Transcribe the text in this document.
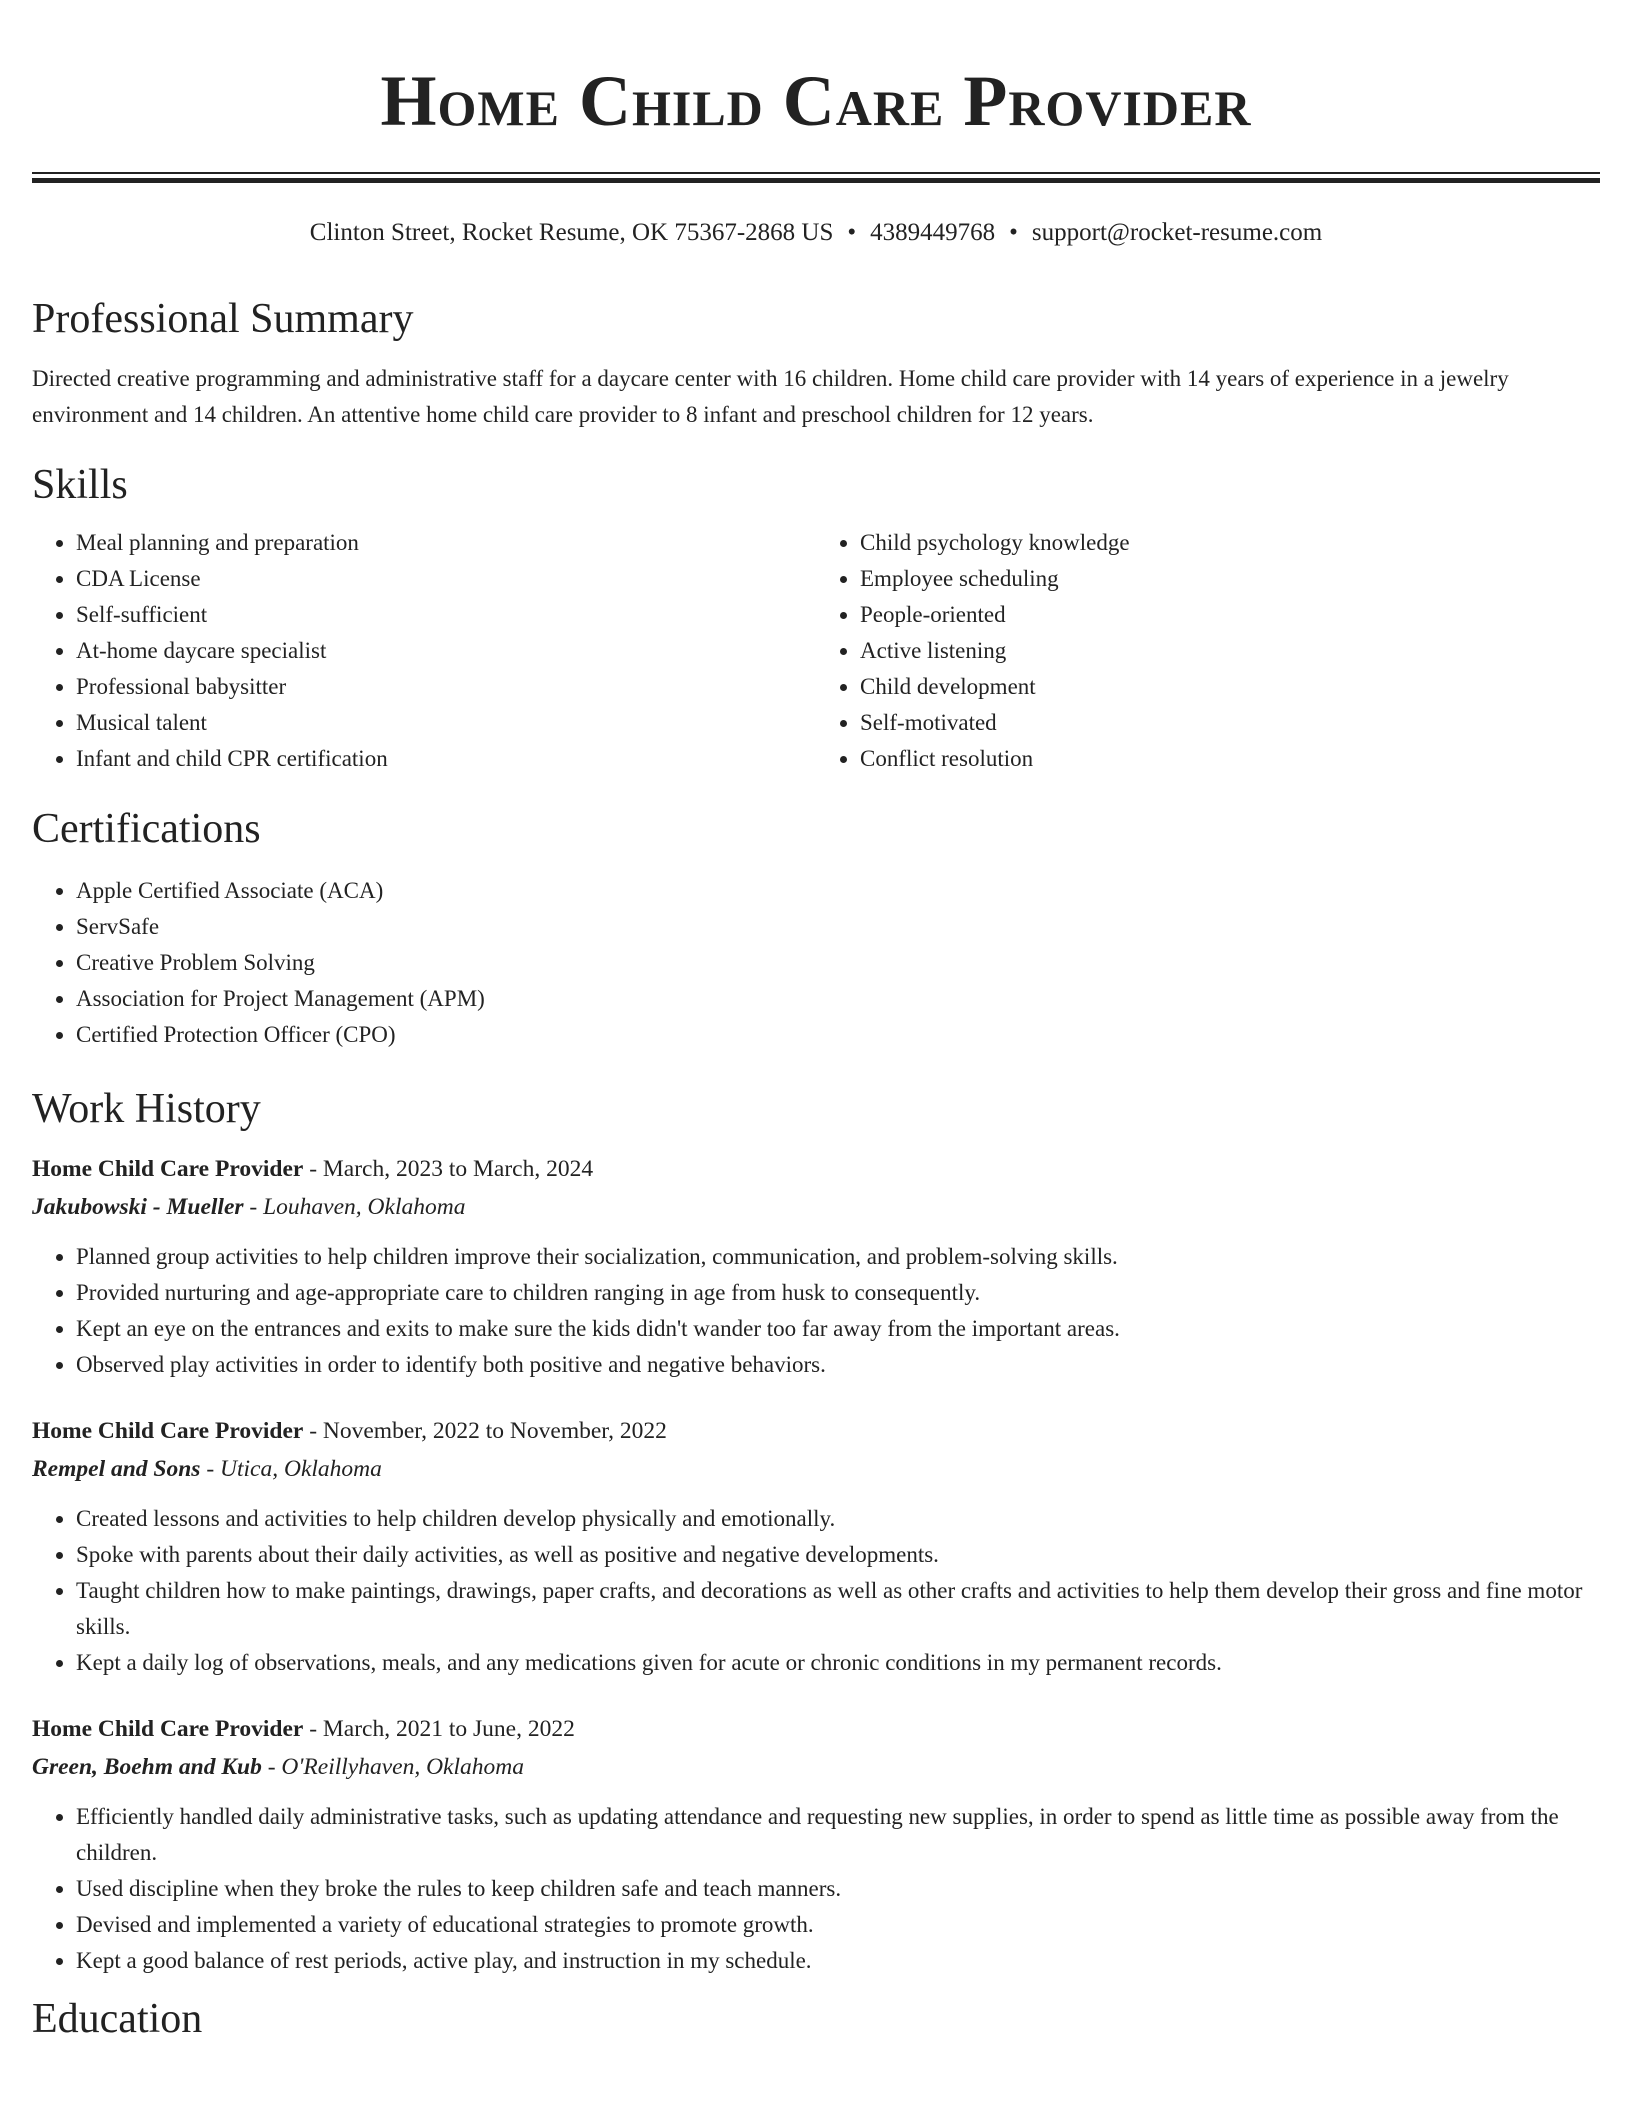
Home Child Care Provider
Clinton Street, Rocket Resume, OK 75367-2868 US • 4389449768 • support@rocket-resume.com
Professional Summary

Directed creative programming and administrative staff for a daycare center with 16 children. Home child care provider with 14 years of experience in a jewelry environment and 14 children. An attentive home child care provider to 8 infant and preschool children for 12 years.

Skills
• Meal planning and preparation
• CDA License
• Self-sufficient
• At-home daycare specialist
• Professional babysitter
• Musical talent
• Infant and child CPR certification
• Child psychology knowledge
• Employee scheduling
• People-oriented
• Active listening
• Child development
• Self-motivated
• Conflict resolution
Certifications
• Apple Certified Associate (ACA)
• ServSafe
• Creative Problem Solving
• Association for Project Management (APM)
• Certified Protection Officer (CPO)
Work History
Home Child Care Provider - March, 2023 to March, 2024
Jakubowski - Mueller - Louhaven, Oklahoma
• Planned group activities to help children improve their socialization, communication, and problem-solving skills.
• Provided nurturing and age-appropriate care to children ranging in age from husk to consequently.
• Kept an eye on the entrances and exits to make sure the kids didn't wander too far away from the important areas.
• Observed play activities in order to identify both positive and negative behaviors.
Home Child Care Provider - November, 2022 to November, 2022
Rempel and Sons - Utica, Oklahoma
• Created lessons and activities to help children develop physically and emotionally.
• Spoke with parents about their daily activities, as well as positive and negative developments.
• Taught children how to make paintings, drawings, paper crafts, and decorations as well as other crafts and activities to help them develop their gross and fine motor skills.
• Kept a daily log of observations, meals, and any medications given for acute or chronic conditions in my permanent records.
Home Child Care Provider - March, 2021 to June, 2022
Green, Boehm and Kub - O'Reillyhaven, Oklahoma
• Efficiently handled daily administrative tasks, such as updating attendance and requesting new supplies, in order to spend as little time as possible away from the children.
• Used discipline when they broke the rules to keep children safe and teach manners.
• Devised and implemented a variety of educational strategies to promote growth.
• Kept a good balance of rest periods, active play, and instruction in my schedule.
Education
